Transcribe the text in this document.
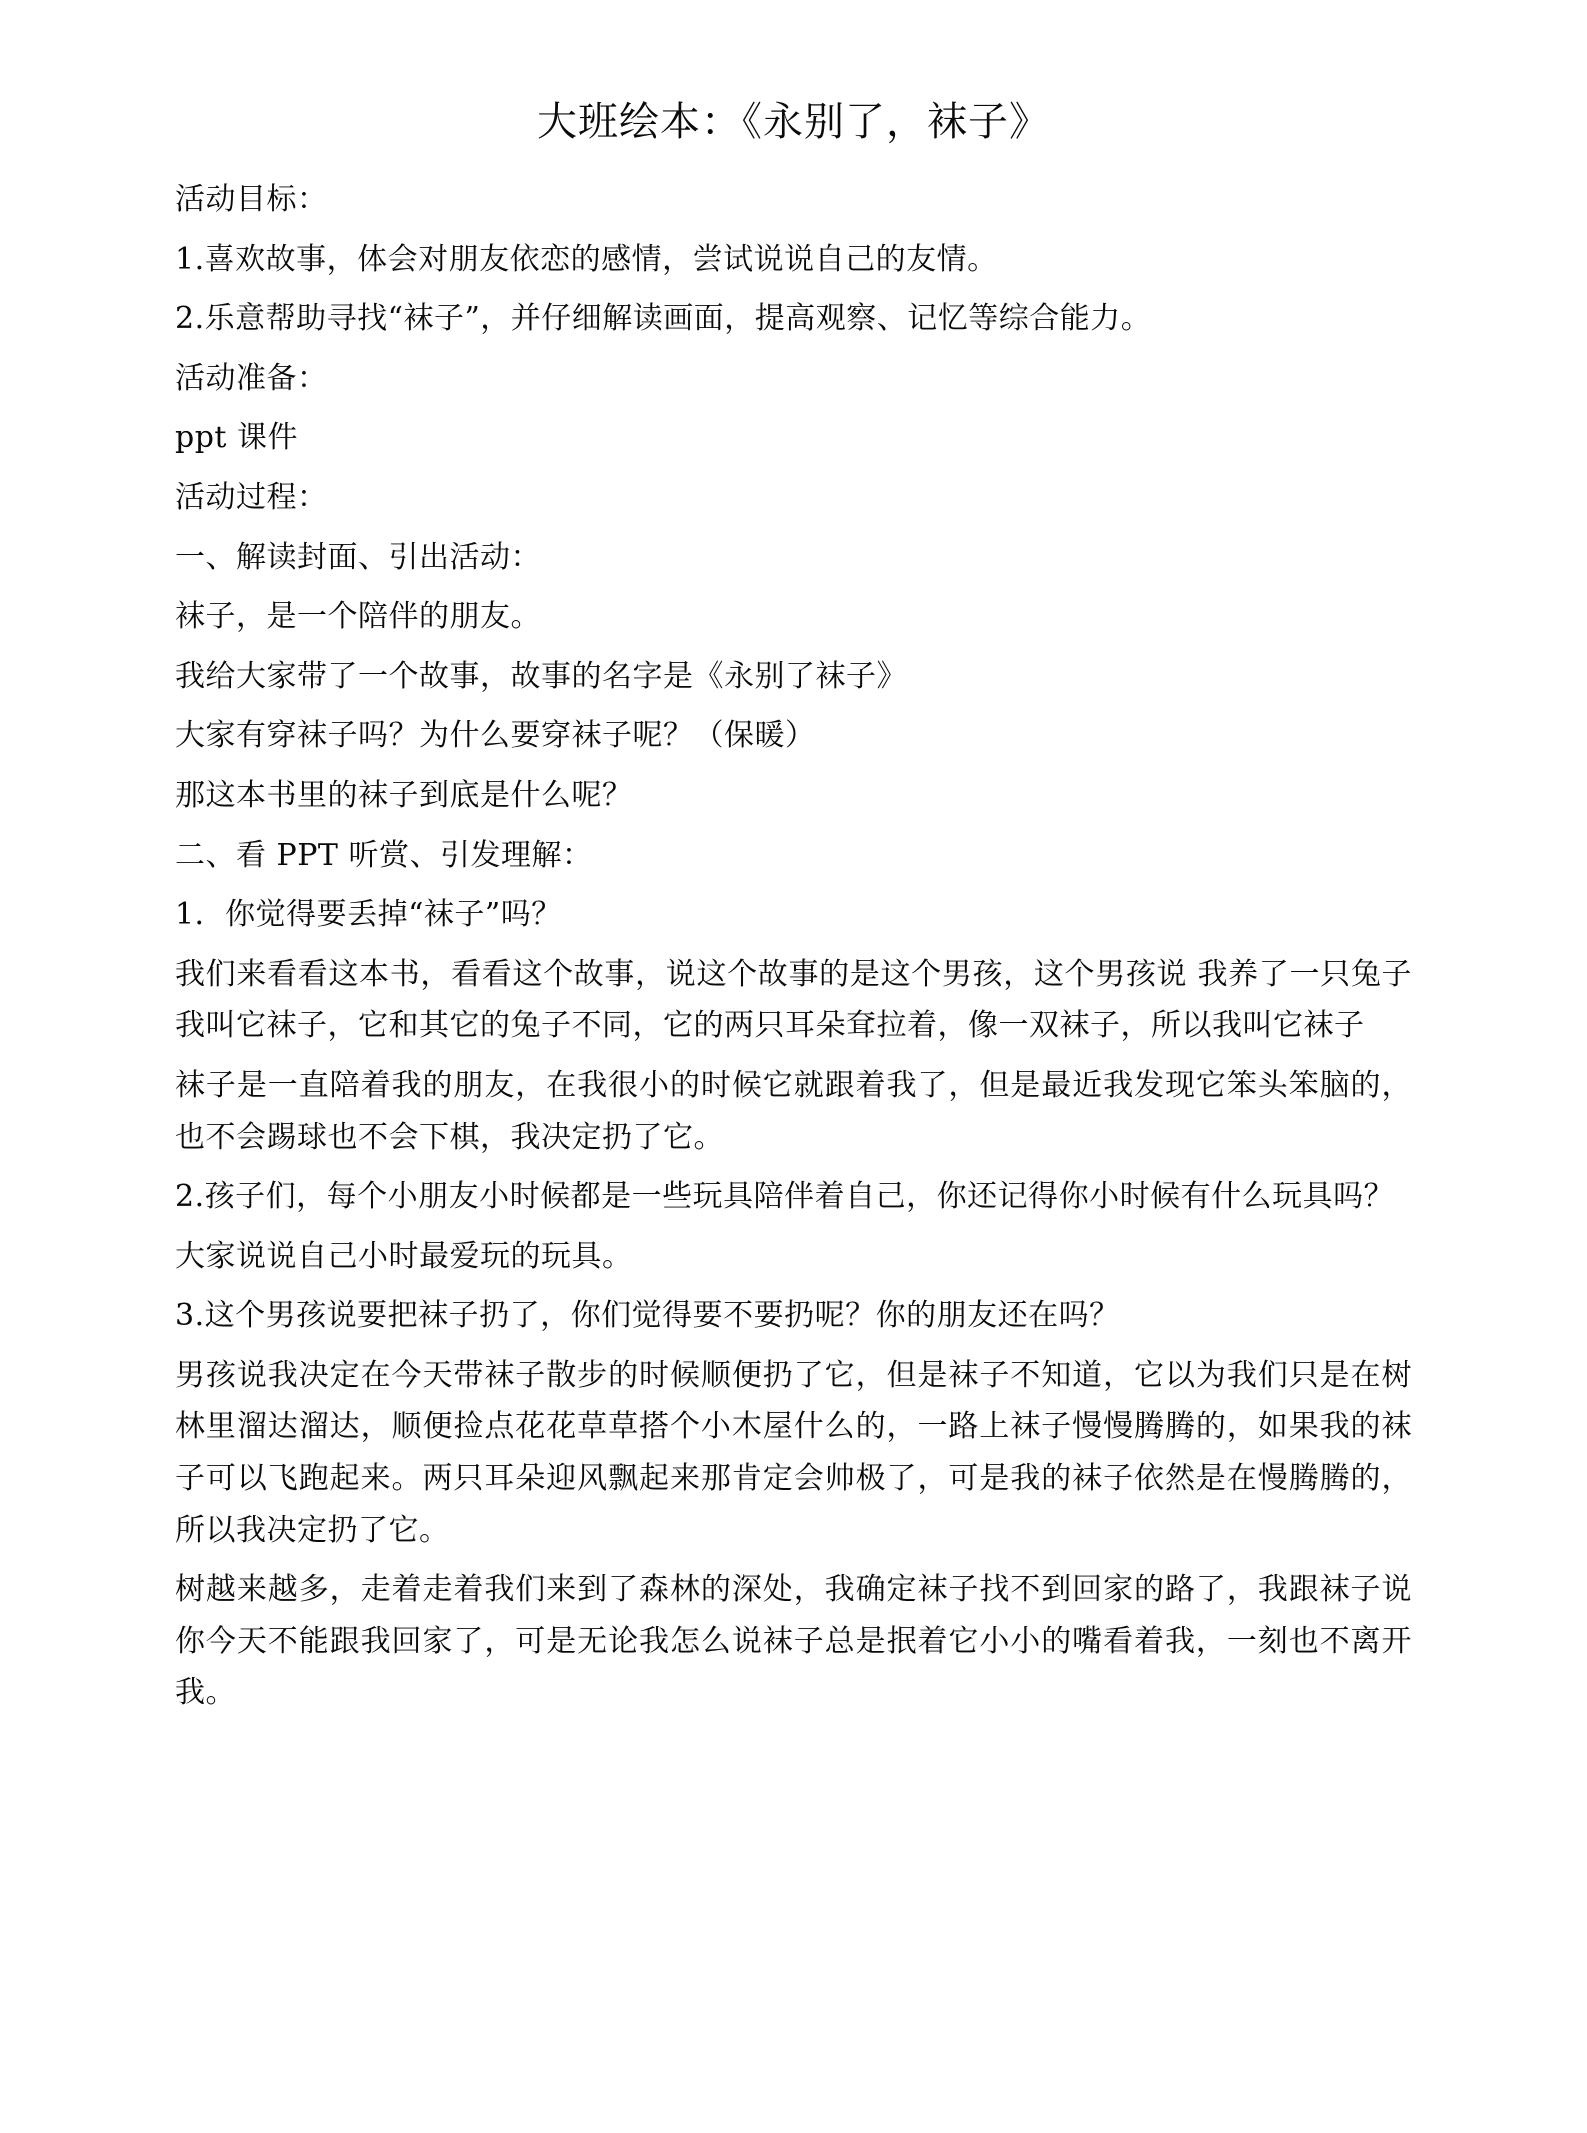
大班绘本：《永别了，袜子》

活动目标：

1.喜欢故事，体会对朋友依恋的感情，尝试说说自己的友情。

2.乐意帮助寻找“袜子”，并仔细解读画面，提高观察、记忆等综合能力。

活动准备：

ppt 课件

活动过程：

一、解读封面、引出活动：

袜子，是一个陪伴的朋友。

我给大家带了一个故事，故事的名字是《永别了袜子》

大家有穿袜子吗？为什么要穿袜子呢？（保暖）

那这本书里的袜子到底是什么呢？

二、看 PPT 听赏、引发理解：

1．你觉得要丢掉“袜子”吗？

我们来看看这本书，看看这个故事，说这个故事的是这个男孩，这个男孩说 我养了一只兔子我叫它袜子，它和其它的兔子不同，它的两只耳朵耷拉着，像一双袜子，所以我叫它袜子

袜子是一直陪着我的朋友，在我很小的时候它就跟着我了，但是最近我发现它笨头笨脑的，也不会踢球也不会下棋，我决定扔了它。

2.孩子们，每个小朋友小时候都是一些玩具陪伴着自己，你还记得你小时候有什么玩具吗？

大家说说自己小时最爱玩的玩具。

3.这个男孩说要把袜子扔了，你们觉得要不要扔呢？你的朋友还在吗？

男孩说我决定在今天带袜子散步的时候顺便扔了它，但是袜子不知道，它以为我们只是在树林里溜达溜达，顺便捡点花花草草搭个小木屋什么的，一路上袜子慢慢腾腾的，如果我的袜子可以飞跑起来。两只耳朵迎风飘起来那肯定会帅极了，可是我的袜子依然是在慢腾腾的，所以我决定扔了它。

树越来越多，走着走着我们来到了森林的深处，我确定袜子找不到回家的路了，我跟袜子说你今天不能跟我回家了，可是无论我怎么说袜子总是抿着它小小的嘴看着我，一刻也不离开我。
